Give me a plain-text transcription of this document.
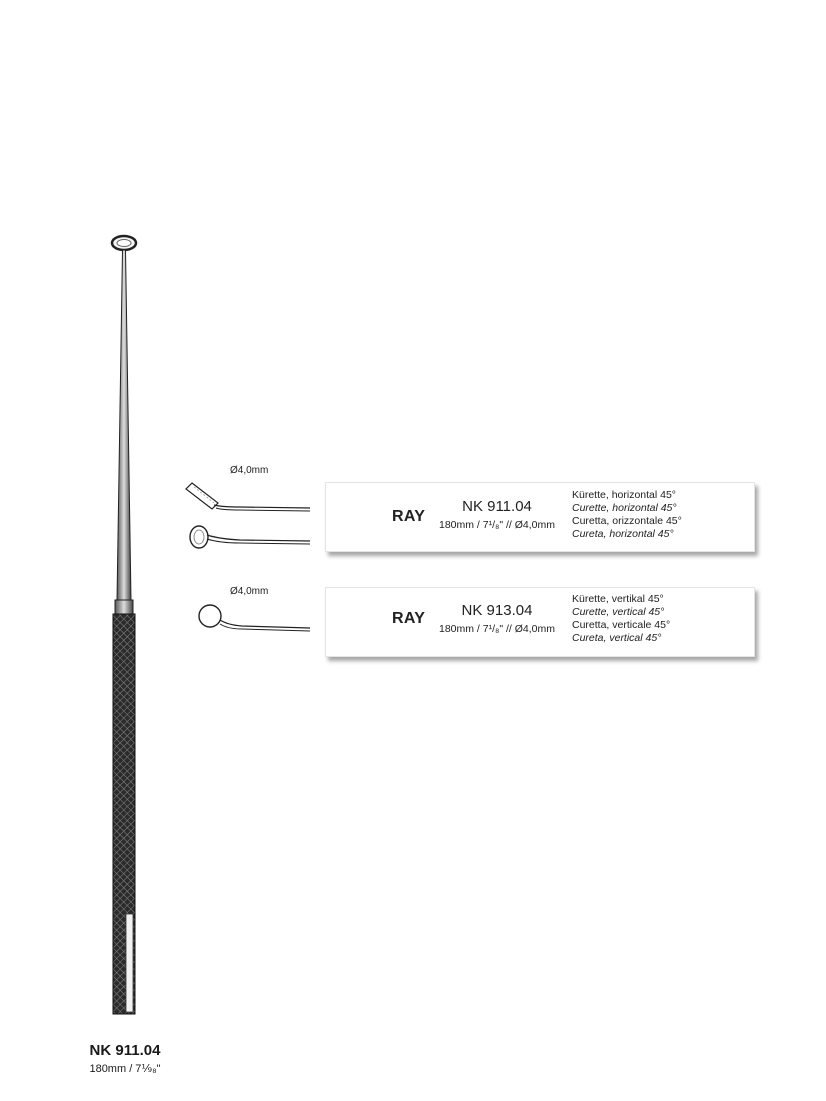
NK 911.04
180mm / 7⅑₈"
Ø4,0mm
RAY
NK 911.04
180mm / 7¹/₈" // Ø4,0mm
Kürette, horizontal 45°
Curette, horizontal 45°
Curetta, orizzontale 45°
Cureta, horizontal 45°
Ø4,0mm
RAY	NK 913.04
180mm / 7¹/₈" // Ø4,0mm
Kürette, vertikal 45°
Curette, vertical 45°
Curetta, verticale 45°
Cureta, vertical 45°
